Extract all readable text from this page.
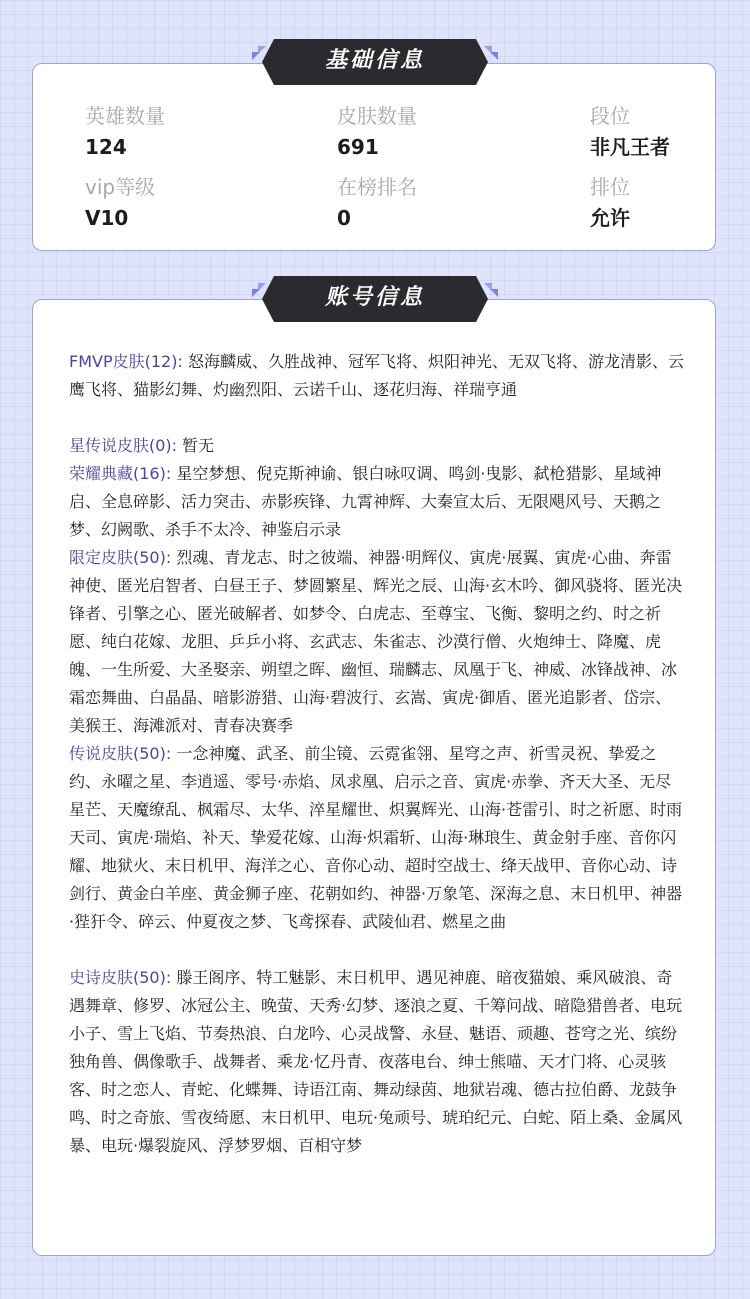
英雄数量
124
皮肤数量
691
段位
非凡王者
vip等级
V10
在榜排名
0
排位
允许
基础信息

FMVP皮肤(12): 怒海麟威、久胜战神、冠军飞将、炽阳神光、无双飞将、游龙清影、云鹰飞将、猫影幻舞、灼幽烈阳、云诺千山、逐花归海、祥瑞亨通

星传说皮肤(0): 暂无

荣耀典藏(16): 星空梦想、倪克斯神谕、银白咏叹调、鸣剑·曳影、弑枪猎影、星域神启、全息碎影、活力突击、赤影疾锋、九霄神辉、大秦宣太后、无限飓风号、天鹅之梦、幻阙歌、杀手不太冷、神鉴启示录

限定皮肤(50): 烈魂、青龙志、时之彼端、神器·明辉仪、寅虎·展翼、寅虎·心曲、奔雷神使、匿光启智者、白昼王子、梦圆繁星、辉光之辰、山海·玄木吟、御风骁将、匿光决锋者、引擎之心、匿光破解者、如梦令、白虎志、至尊宝、飞衡、黎明之约、时之祈愿、纯白花嫁、龙胆、乒乒小将、玄武志、朱雀志、沙漠行僧、火炮绅士、降魔、虎魄、一生所爱、大圣娶亲、朔望之晖、幽恒、瑞麟志、凤凰于飞、神威、冰锋战神、冰霜恋舞曲、白晶晶、暗影游猎、山海·碧波行、玄嵩、寅虎·御盾、匿光追影者、岱宗、美猴王、海滩派对、青春决赛季

传说皮肤(50): 一念神魔、武圣、前尘镜、云霓雀翎、星穹之声、祈雪灵祝、挚爱之约、永曜之星、李逍遥、零号·赤焰、凤求凰、启示之音、寅虎·赤拳、齐天大圣、无尽星芒、天魔缭乱、枫霜尽、太华、淬星耀世、炽翼辉光、山海·苍雷引、时之祈愿、时雨天司、寅虎·瑞焰、补天、挚爱花嫁、山海·炽霜斩、山海·琳琅生、黄金射手座、音你闪耀、地狱火、末日机甲、海洋之心、音你心动、超时空战士、绛天战甲、音你心动、诗剑行、黄金白羊座、黄金狮子座、花朝如约、神器·万象笔、深海之息、末日机甲、神器·狴犴令、碎云、仲夏夜之梦、飞鸢探春、武陵仙君、燃星之曲

史诗皮肤(50): 滕王阁序、特工魅影、末日机甲、遇见神鹿、暗夜猫娘、乘风破浪、奇遇舞章、修罗、冰冠公主、晚萤、天秀·幻梦、逐浪之夏、千筹问战、暗隐猎兽者、电玩小子、雪上飞焰、节奏热浪、白龙吟、心灵战警、永昼、魅语、顽趣、苍穹之光、缤纷独角兽、偶像歌手、战舞者、乘龙·忆丹青、夜落电台、绅士熊喵、天才门将、心灵骇客、时之恋人、青蛇、化蝶舞、诗语江南、舞动绿茵、地狱岩魂、德古拉伯爵、龙鼓争鸣、时之奇旅、雪夜绮愿、末日机甲、电玩·兔顽号、琥珀纪元、白蛇、陌上桑、金属风暴、电玩·爆裂旋风、浮梦罗烟、百相守梦

账号信息
